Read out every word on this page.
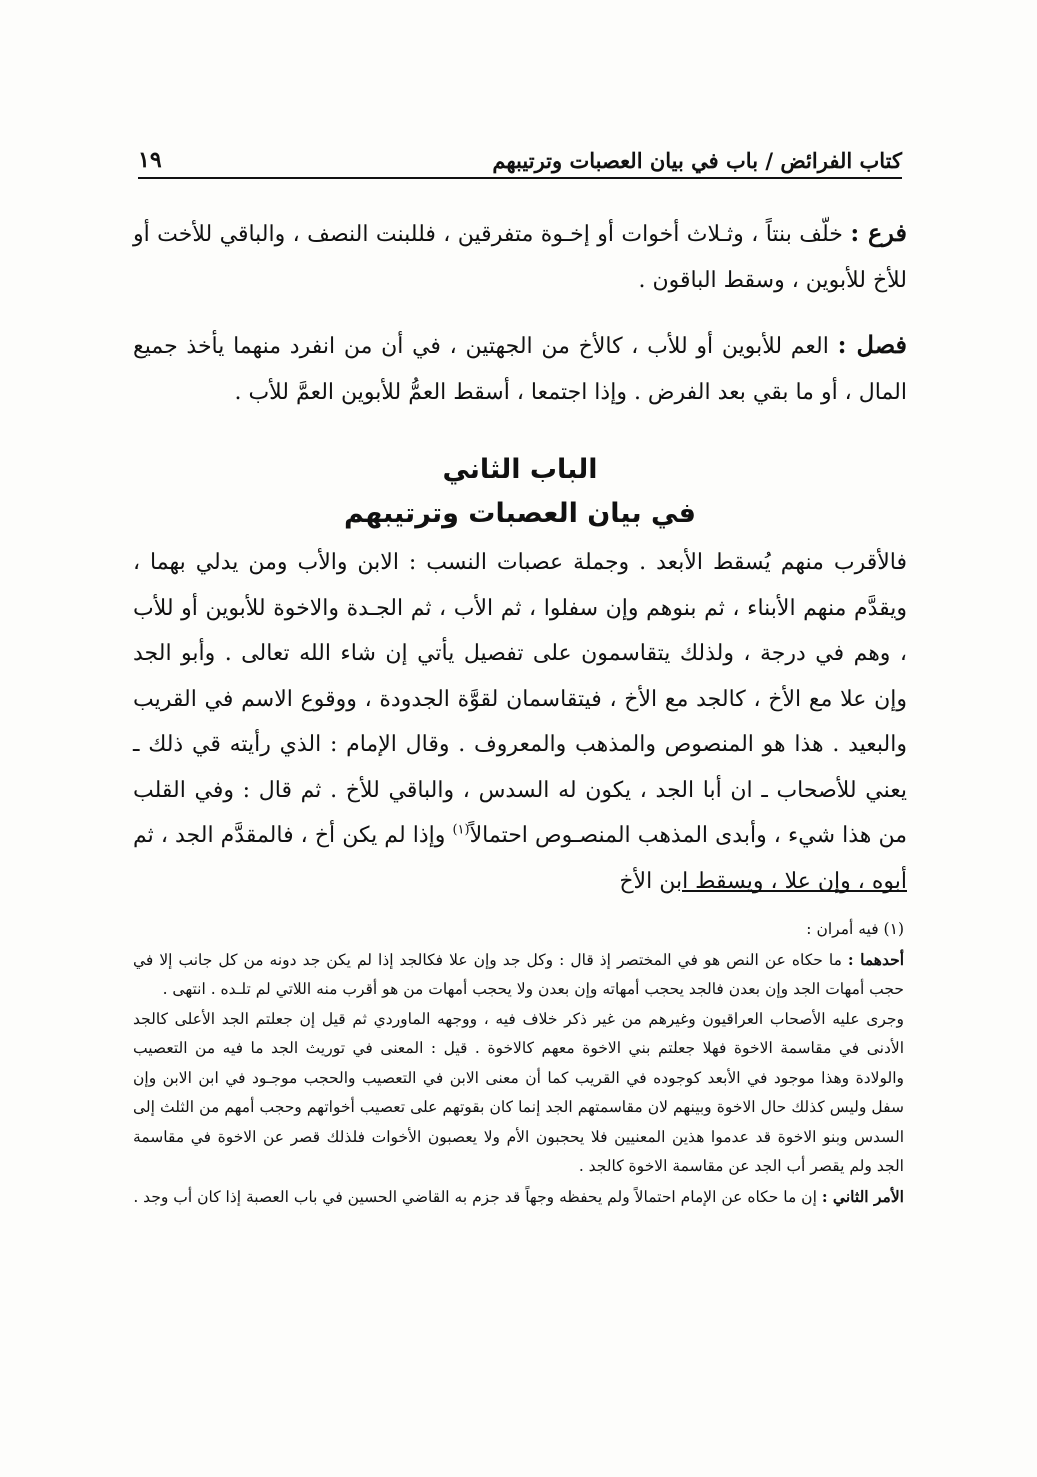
كتاب الفرائض / باب في بيان العصبات وترتيبهم
١٩

فرع : خلّف بنتاً ، وثـلاث أخوات أو إخـوة متفرقين ، فللبنت النصف ، والباقي للأخت أو للأخ للأبوين ، وسقط الباقون .

فصل : العم للأبوين أو للأب ، كالأخ من الجهتين ، في أن من انفرد منهما يأخذ جميع المال ، أو ما بقي بعد الفرض . وإذا اجتمعا ، أسقط العمُّ للأبوين العمَّ للأب .

الباب الثاني
في بيان العصبات وترتيبهم

فالأقرب منهم يُسقط الأبعد . وجملة عصبات النسب : الابن والأب ومن يدلي بهما ، ويقدَّم منهم الأبناء ، ثم بنوهم وإن سفلوا ، ثم الأب ، ثم الجـدة والاخوة للأبوين أو للأب ، وهم في درجة ، ولذلك يتقاسمون على تفصيل يأتي إن شاء الله تعالى . وأبو الجد وإن علا مع الأخ ، كالجد مع الأخ ، فيتقاسمان لقوَّة الجدودة ، ووقوع الاسم في القريب والبعيد . هذا هو المنصوص والمذهب والمعروف . وقال الإمام : الذي رأيته قي ذلك ـ يعني للأصحاب ـ ان أبا الجد ، يكون له السدس ، والباقي للأخ . ثم قال : وفي القلب من هذا شيء ، وأبدى المذهب المنصـوص احتمالاً$^{(١)}$ وإذا لم يكن أخ ، فالمقدَّم الجد ، ثم أبوه ، وإن علا ، ويسقط ابن الأخ

(١) فيه أمران :

أحدهما : ما حكاه عن النص هو في المختصر إذ قال : وكل جد وإن علا فكالجد إذا لم يكن جد دونه من كل جانب إلا في حجب أمهات الجد وإن بعدن فالجد يحجب أمهاته وإن بعدن ولا يحجب أمهات من هو أقرب منه اللاتي لم تلـده . انتهى .

وجرى عليه الأصحاب العراقيون وغيرهم من غير ذكر خلاف فيه ، ووجهه الماوردي ثم قيل إن جعلتم الجد الأعلى كالجد الأدنى في مقاسمة الاخوة فهلا جعلتم بني الاخوة معهم كالاخوة . قيل : المعنى في توريث الجد ما فيه من التعصيب والولادة وهذا موجود في الأبعد كوجوده في القريب كما أن معنى الابن في التعصيب والحجب موجـود في ابن الابن وإن سفل وليس كذلك حال الاخوة وبينهم لان مقاسمتهم الجد إنما كان بقوتهم على تعصيب أخواتهم وحجب أمهم من الثلث إلى السدس وبنو الاخوة قد عدموا هذين المعنيين فلا يحجبون الأم ولا يعصبون الأخوات فلذلك قصر عن الاخوة في مقاسمة الجد ولم يقصر أب الجد عن مقاسمة الاخوة كالجد .

الأمر الثاني : إن ما حكاه عن الإمام احتمالاً ولم يحفظه وجهاً قد جزم به القاضي الحسين في باب العصبة إذا كان أب وجد .
